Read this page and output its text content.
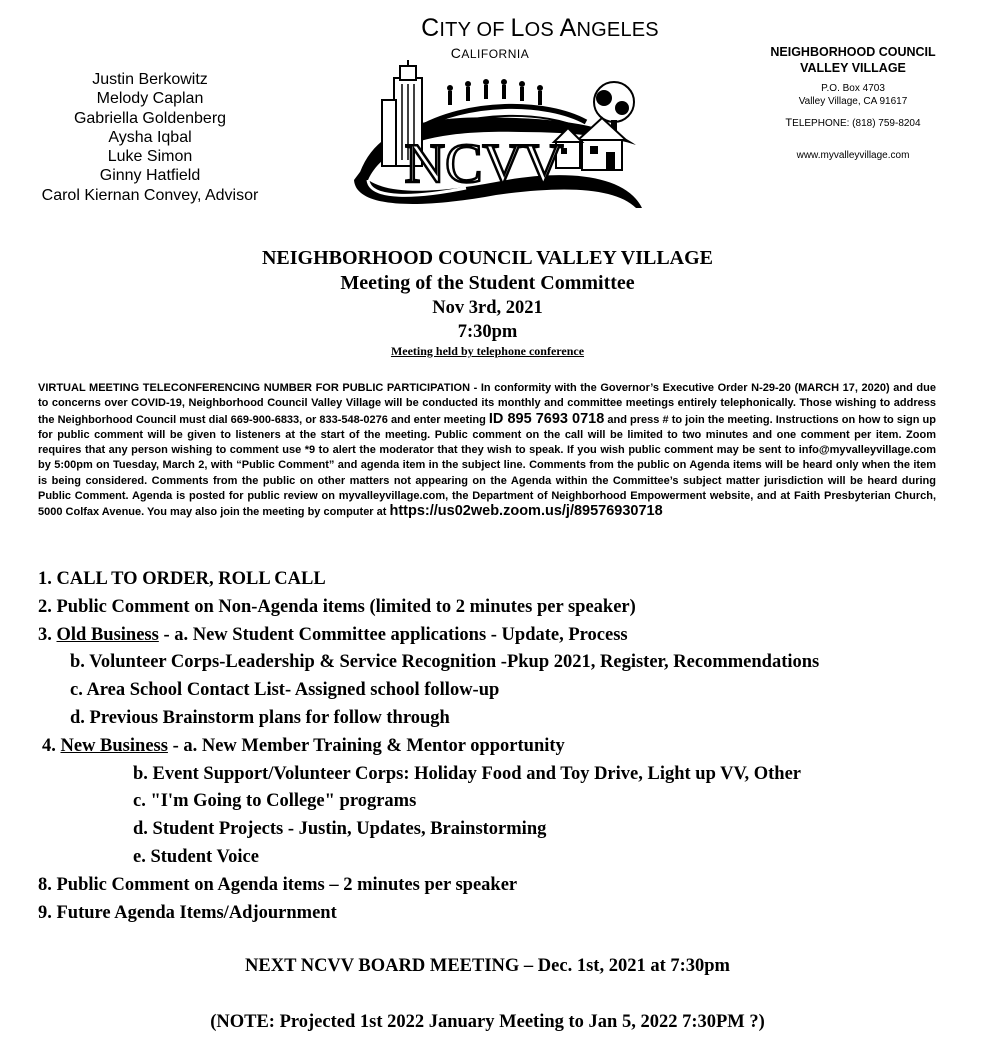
Justin Berkowitz
Melody Caplan
Gabriella Goldenberg
Aysha Iqbal
Luke Simon
Ginny Hatfield
Carol Kiernan Convey, Advisor
CITY OF LOS ANGELES
CALIFORNIA
NCVV
NEIGHBORHOOD COUNCIL
VALLEY VILLAGE
P.O. Box 4703
Valley Village, CA 91617
TELEPHONE: (818) 759-8204
www.myvalleyvillage.com
NEIGHBORHOOD COUNCIL VALLEY VILLAGE
Meeting of the Student Committee
Nov 3rd, 2021
7:30pm
Meeting held by telephone conference
VIRTUAL MEETING TELECONFERENCING NUMBER FOR PUBLIC PARTICIPATION - In conformity with the Governor’s Executive Order N-29-20 (MARCH 17, 2020) and due to concerns over COVID-19, Neighborhood Council Valley Village will be conducted its monthly and committee meetings entirely telephonically. Those wishing to address the Neighborhood Council must dial 669-900-6833, or 833-548-0276 and enter meeting ID 895 7693 0718 and press # to join the meeting. Instructions on how to sign up for public comment will be given to listeners at the start of the meeting. Public comment on the call will be limited to two minutes and one comment per item. Zoom requires that any person wishing to comment use *9 to alert the moderator that they wish to speak. If you wish public comment may be sent to info@myvalleyvillage.com by 5:00pm on Tuesday, March 2, with “Public Comment” and agenda item in the subject line. Comments from the public on Agenda items will be heard only when the item is being considered. Comments from the public on other matters not appearing on the Agenda within the Committee’s subject matter jurisdiction will be heard during Public Comment. Agenda is posted for public review on myvalleyvillage.com, the Department of Neighborhood Empowerment website, and at Faith Presbyterian Church, 5000 Colfax Avenue. You may also join the meeting by computer at https://us02web.zoom.us/j/89576930718
1. CALL TO ORDER, ROLL CALL
2. Public Comment on Non-Agenda items (limited to 2 minutes per speaker)
3. Old Business - a. New Student Committee applications - Update, Process
b. Volunteer Corps-Leadership & Service Recognition -Pkup 2021, Register, Recommendations
c. Area School Contact List- Assigned school follow-up
d. Previous Brainstorm plans for follow through
4. New Business - a. New Member Training & Mentor opportunity
b. Event Support/Volunteer Corps: Holiday Food and Toy Drive, Light up VV, Other
c. "I'm Going to College" programs
d. Student Projects - Justin, Updates, Brainstorming
e. Student Voice
8. Public Comment on Agenda items – 2 minutes per speaker
9. Future Agenda Items/Adjournment
NEXT NCVV BOARD MEETING – Dec. 1st, 2021 at 7:30pm
(NOTE: Projected 1st 2022 January Meeting to Jan 5, 2022 7:30PM ?)
